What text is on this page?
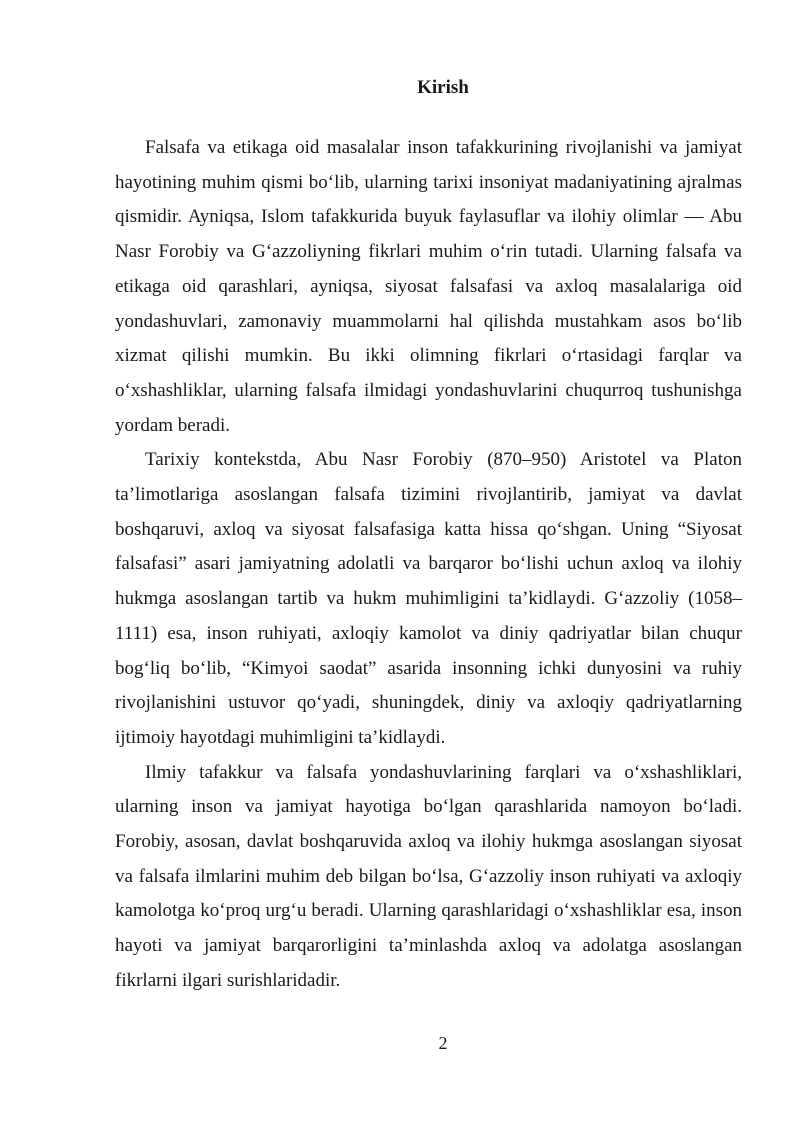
Kirish

Falsafa va etikaga oid masalalar inson tafakkurining rivojlanishi va jamiyat hayotining muhim qismi bo‘lib, ularning tarixi insoniyat madaniyatining ajralmas qismidir. Ayniqsa, Islom tafakkurida buyuk faylasuflar va ilohiy olimlar — Abu Nasr Forobiy va G‘azzoliyning fikrlari muhim o‘rin tutadi. Ularning falsafa va etikaga oid qarashlari, ayniqsa, siyosat falsafasi va axloq masalalariga oid yondashuvlari, zamonaviy muammolarni hal qilishda mustahkam asos bo‘lib xizmat qilishi mumkin. Bu ikki olimning fikrlari o‘rtasidagi farqlar va o‘xshashliklar, ularning falsafa ilmidagi yondashuvlarini chuqurroq tushunishga yordam beradi.

Tarixiy kontekstda, Abu Nasr Forobiy (870–950) Aristotel va Platon ta’limotlariga asoslangan falsafa tizimini rivojlantirib, jamiyat va davlat boshqaruvi, axloq va siyosat falsafasiga katta hissa qo‘shgan. Uning “Siyosat falsafasi” asari jamiyatning adolatli va barqaror bo‘lishi uchun axloq va ilohiy hukmga asoslangan tartib va hukm muhimligini ta’kidlaydi. G‘azzoliy (1058–1111) esa, inson ruhiyati, axloqiy kamolot va diniy qadriyatlar bilan chuqur bog‘liq bo‘lib, “Kimyoi saodat” asarida insonning ichki dunyosini va ruhiy rivojlanishini ustuvor qo‘yadi, shuningdek, diniy va axloqiy qadriyatlarning ijtimoiy hayotdagi muhimligini ta’kidlaydi.

Ilmiy tafakkur va falsafa yondashuvlarining farqlari va o‘xshashliklari, ularning inson va jamiyat hayotiga bo‘lgan qarashlarida namoyon bo‘ladi. Forobiy, asosan, davlat boshqaruvida axloq va ilohiy hukmga asoslangan siyosat va falsafa ilmlarini muhim deb bilgan bo‘lsa, G‘azzoliy inson ruhiyati va axloqiy kamolotga ko‘proq urg‘u beradi. Ularning qarashlaridagi o‘xshashliklar esa, inson hayoti va jamiyat barqarorligini ta’minlashda axloq va adolatga asoslangan fikrlarni ilgari surishlaridadir.

2
